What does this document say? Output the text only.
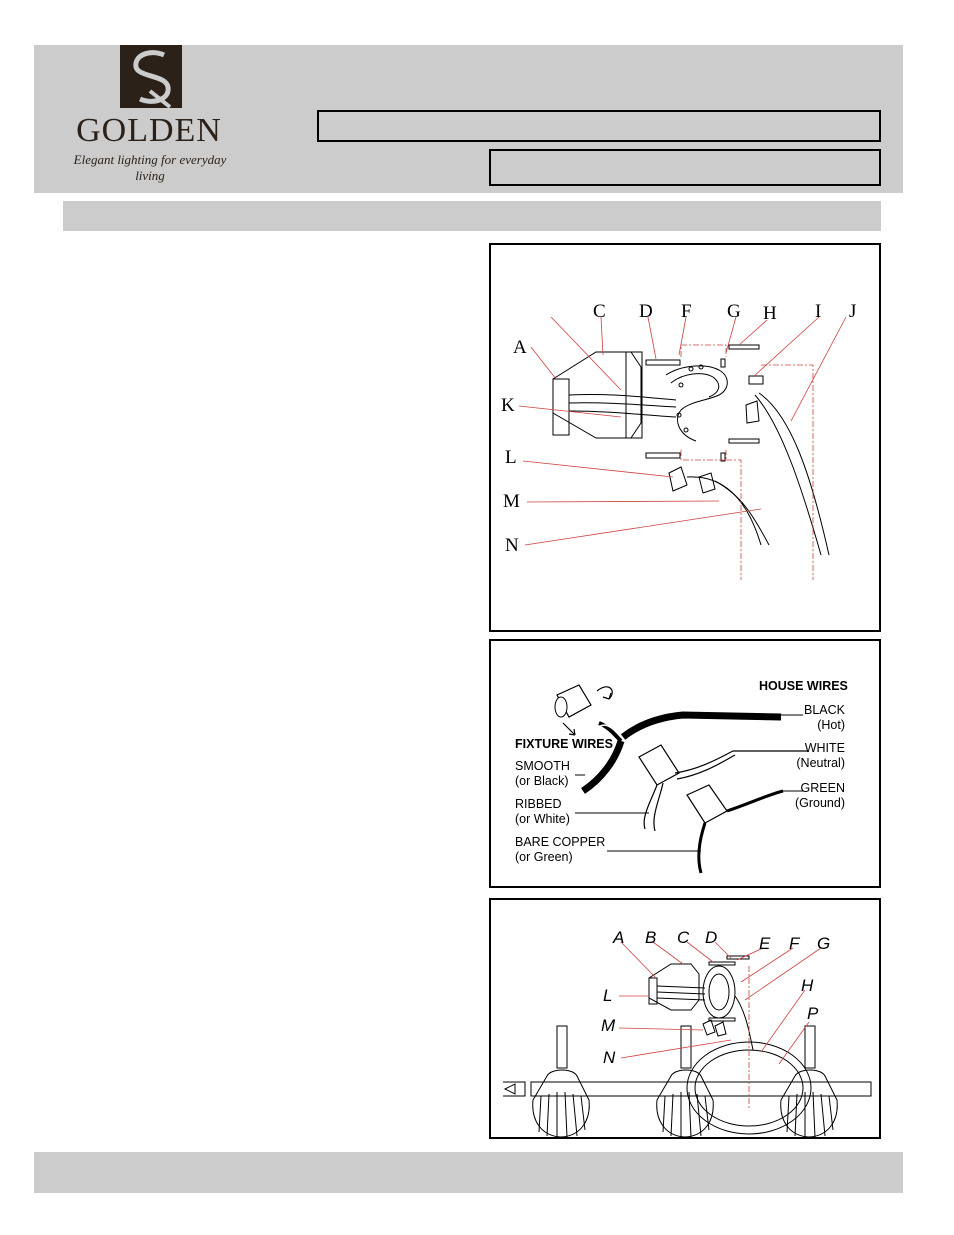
GOLDEN
Elegant lighting for everyday living
A
C D F G H I J
K
L
M
N
HOUSE WIRES
FIXTURE WIRES
BLACK
(Hot)
WHITE
(Neutral)
GREEN
(Ground)
SMOOTH
(or Black)
RIBBED
(or White)
BARE COPPER
(or Green)
A B C D E F G
L
M
N
H
P
